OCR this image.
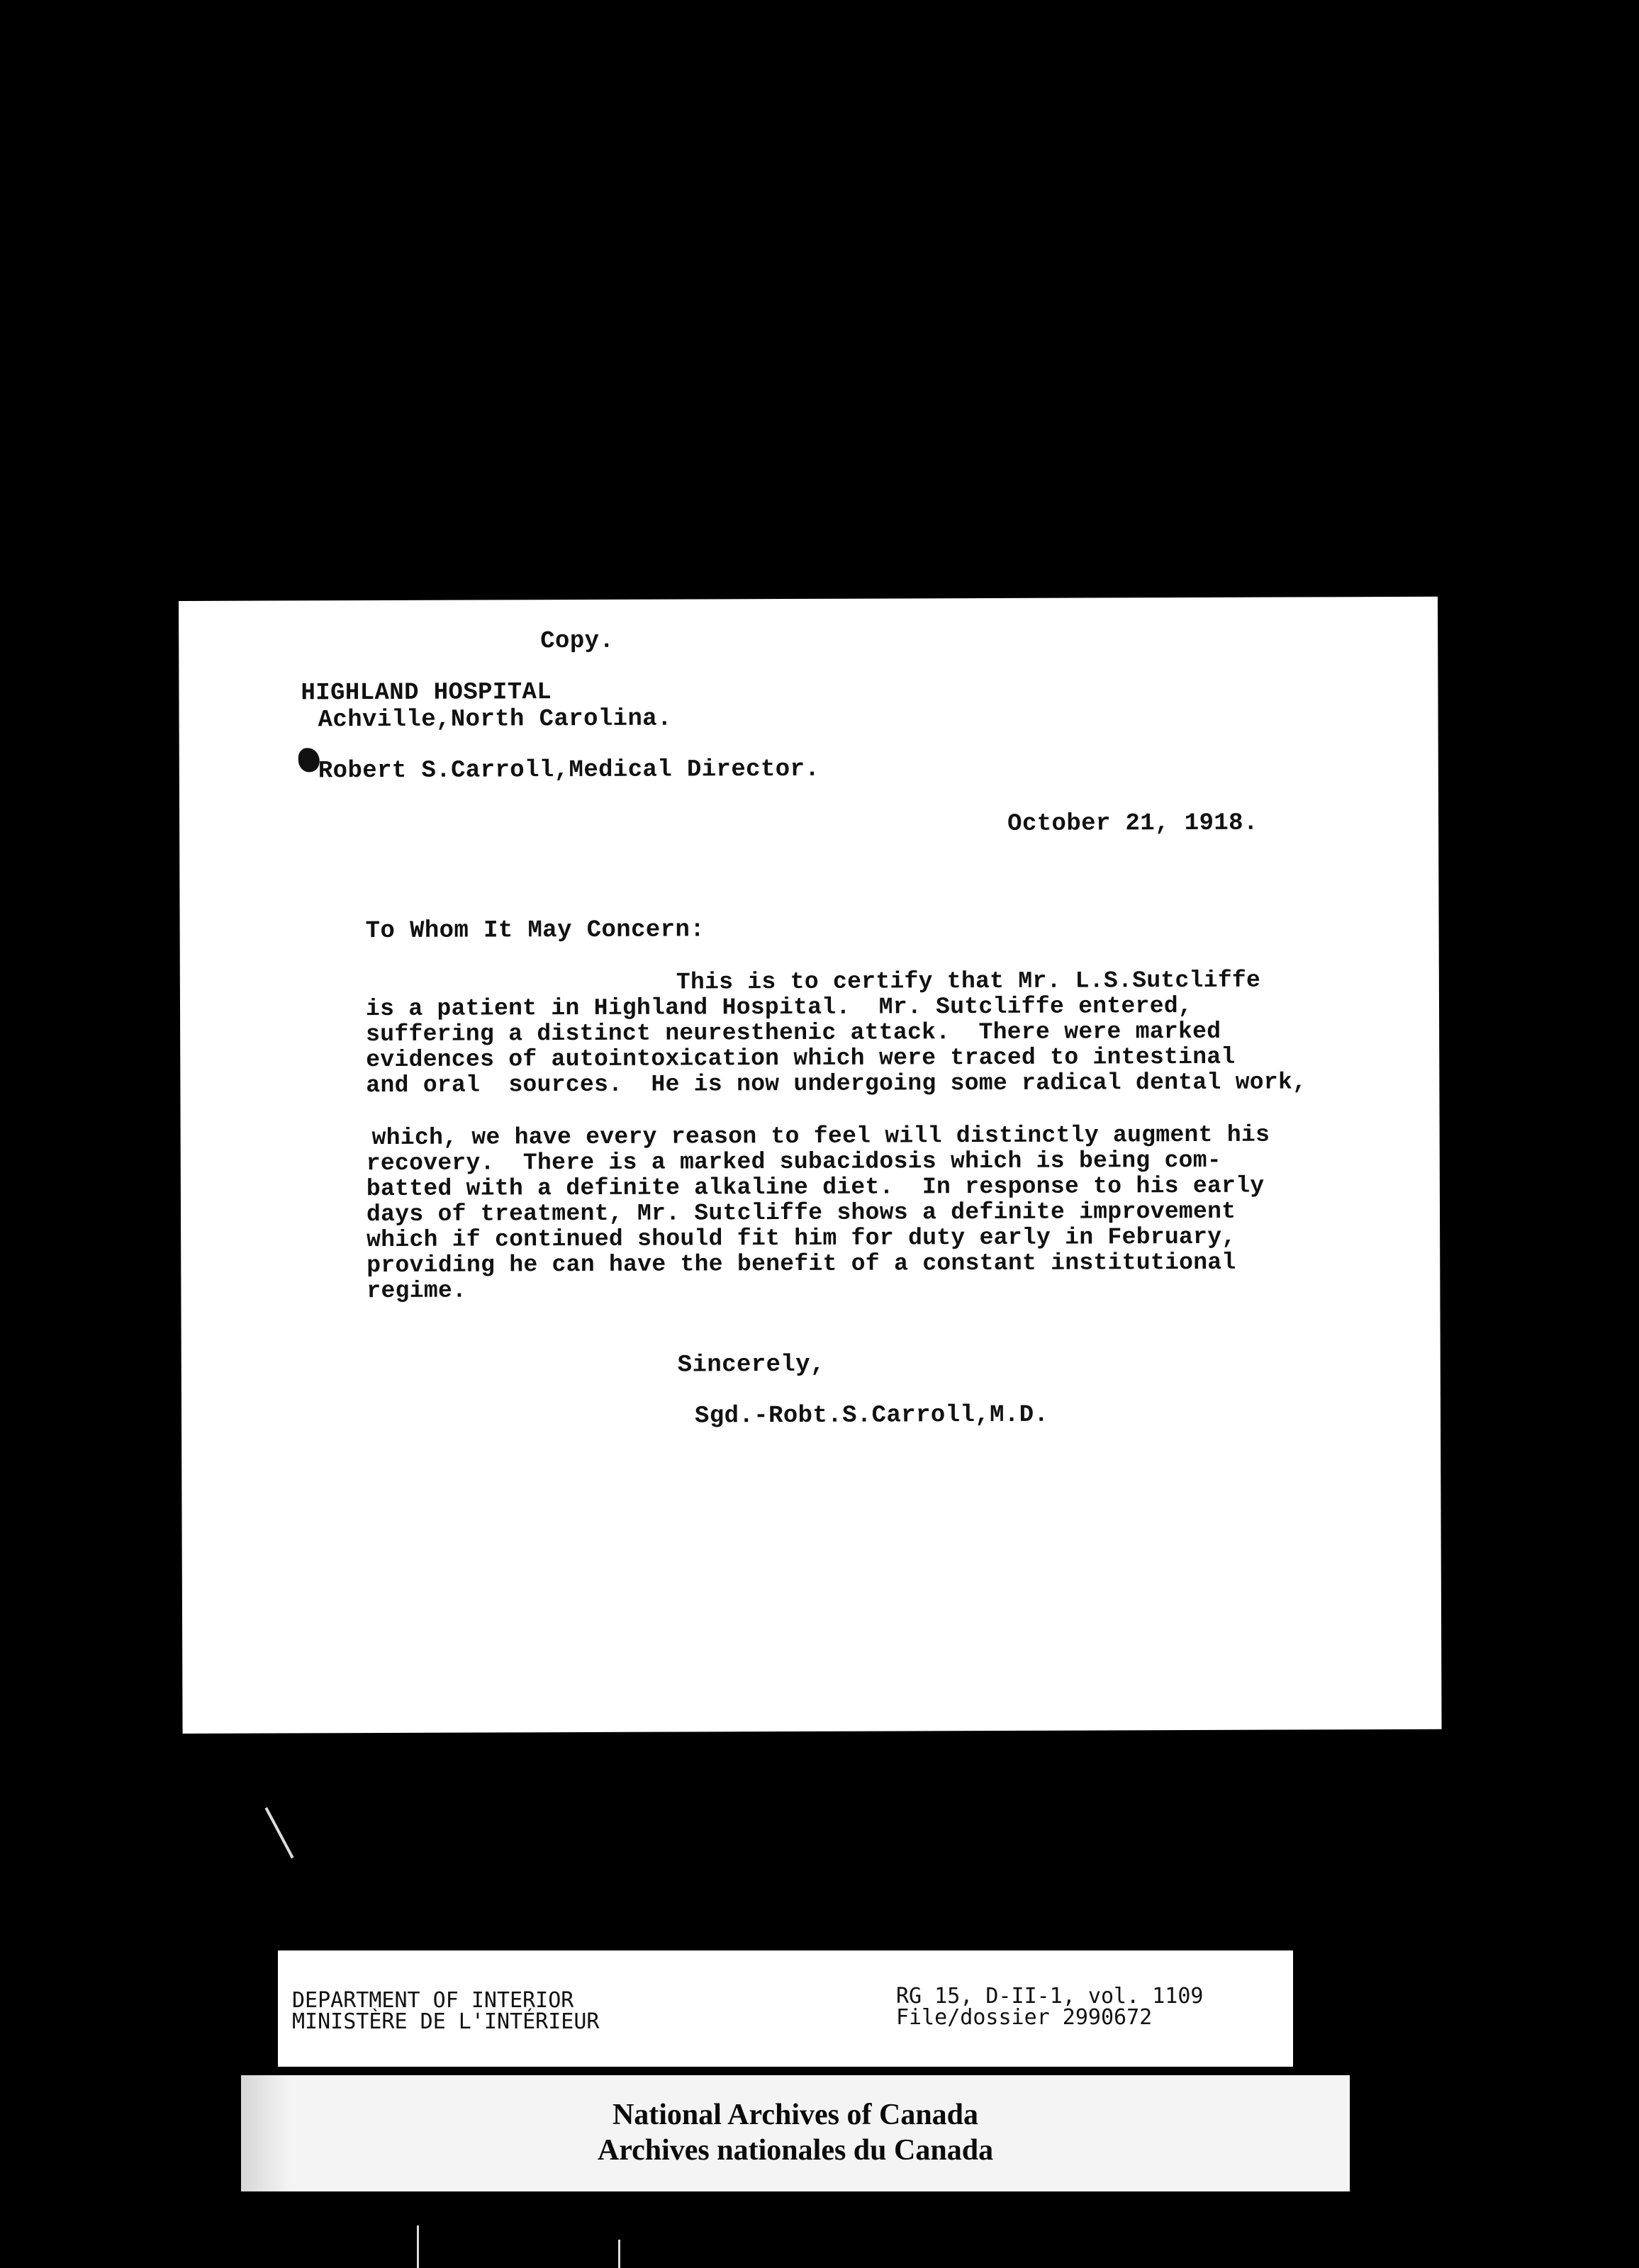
Copy.
HIGHLAND HOSPITAL
Achville,North Carolina.
Robert S.Carroll,Medical Director.
October 21, 1918.
To Whom It May Concern:
This is to certify that Mr. L.S.Sutcliffe
is a patient in Highland Hospital.  Mr. Sutcliffe entered,
suffering a distinct neuresthenic attack.  There were marked
evidences of autointoxication which were traced to intestinal
and oral  sources.  He is now undergoing some radical dental work,
which, we have every reason to feel will distinctly augment his
recovery.  There is a marked subacidosis which is being com-
batted with a definite alkaline diet.  In response to his early
days of treatment, Mr. Sutcliffe shows a definite improvement
which if continued should fit him for duty early in February,
providing he can have the benefit of a constant institutional
regime.
Sincerely,
Sgd.-Robt.S.Carroll,M.D.
DEPARTMENT OF INTERIOR
MINISTÈRE DE L'INTÉRIEUR
RG 15, D-II-1, vol. 1109
File/dossier 2990672
National Archives of Canada
Archives nationales du Canada
